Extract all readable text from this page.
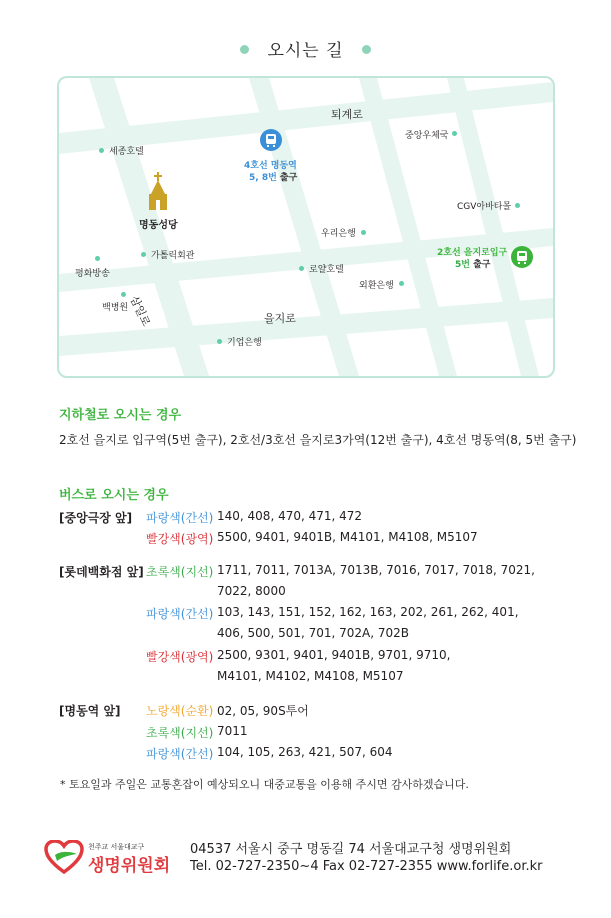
오시는 길
퇴계로
을지로
삼일로
4호선 명동역
5, 8번 출구
2호선 을지로입구
5번 출구
명동성당
세종호텔
중앙우체국
CGV아바타몰
우리은행
가톨릭회관
평화방송	로얄호텔
외환은행
백병원
기업은행
지하철로 오시는 경우
2호선 을지로 입구역(5번 출구), 2호선/3호선 을지로3가역(12번 출구), 4호선 명동역(8, 5번 출구)
버스로 오시는 경우
[중앙극장 앞] 파랑색(간선) 140, 408, 470, 471, 472
빨강색(광역) 5500, 9401, 9401B, M4101, M4108, M5107
[롯데백화점 앞] 초록색(지선) 1711, 7011, 7013A, 7013B, 7016, 7017, 7018, 7021,
7022, 8000
파랑색(간선) 103, 143, 151, 152, 162, 163, 202, 261, 262, 401,
406, 500, 501, 701, 702A, 702B
빨강색(광역) 2500, 9301, 9401, 9401B, 9701, 9710,
M4101, M4102, M4108, M5107
[명동역 앞] 노랑색(순환) 02, 05, 90S투어
초록색(지선) 7011
파랑색(간선) 104, 105, 263, 421, 507, 604
* 토요일과 주일은 교통혼잡이 예상되오니 대중교통을 이용해 주시면 감사하겠습니다.
천주교 서울대교구
생명위원회
04537 서울시 중구 명동길 74 서울대교구청 생명위원회
Tel. 02-727-2350~4 Fax 02-727-2355 www.forlife.or.kr
